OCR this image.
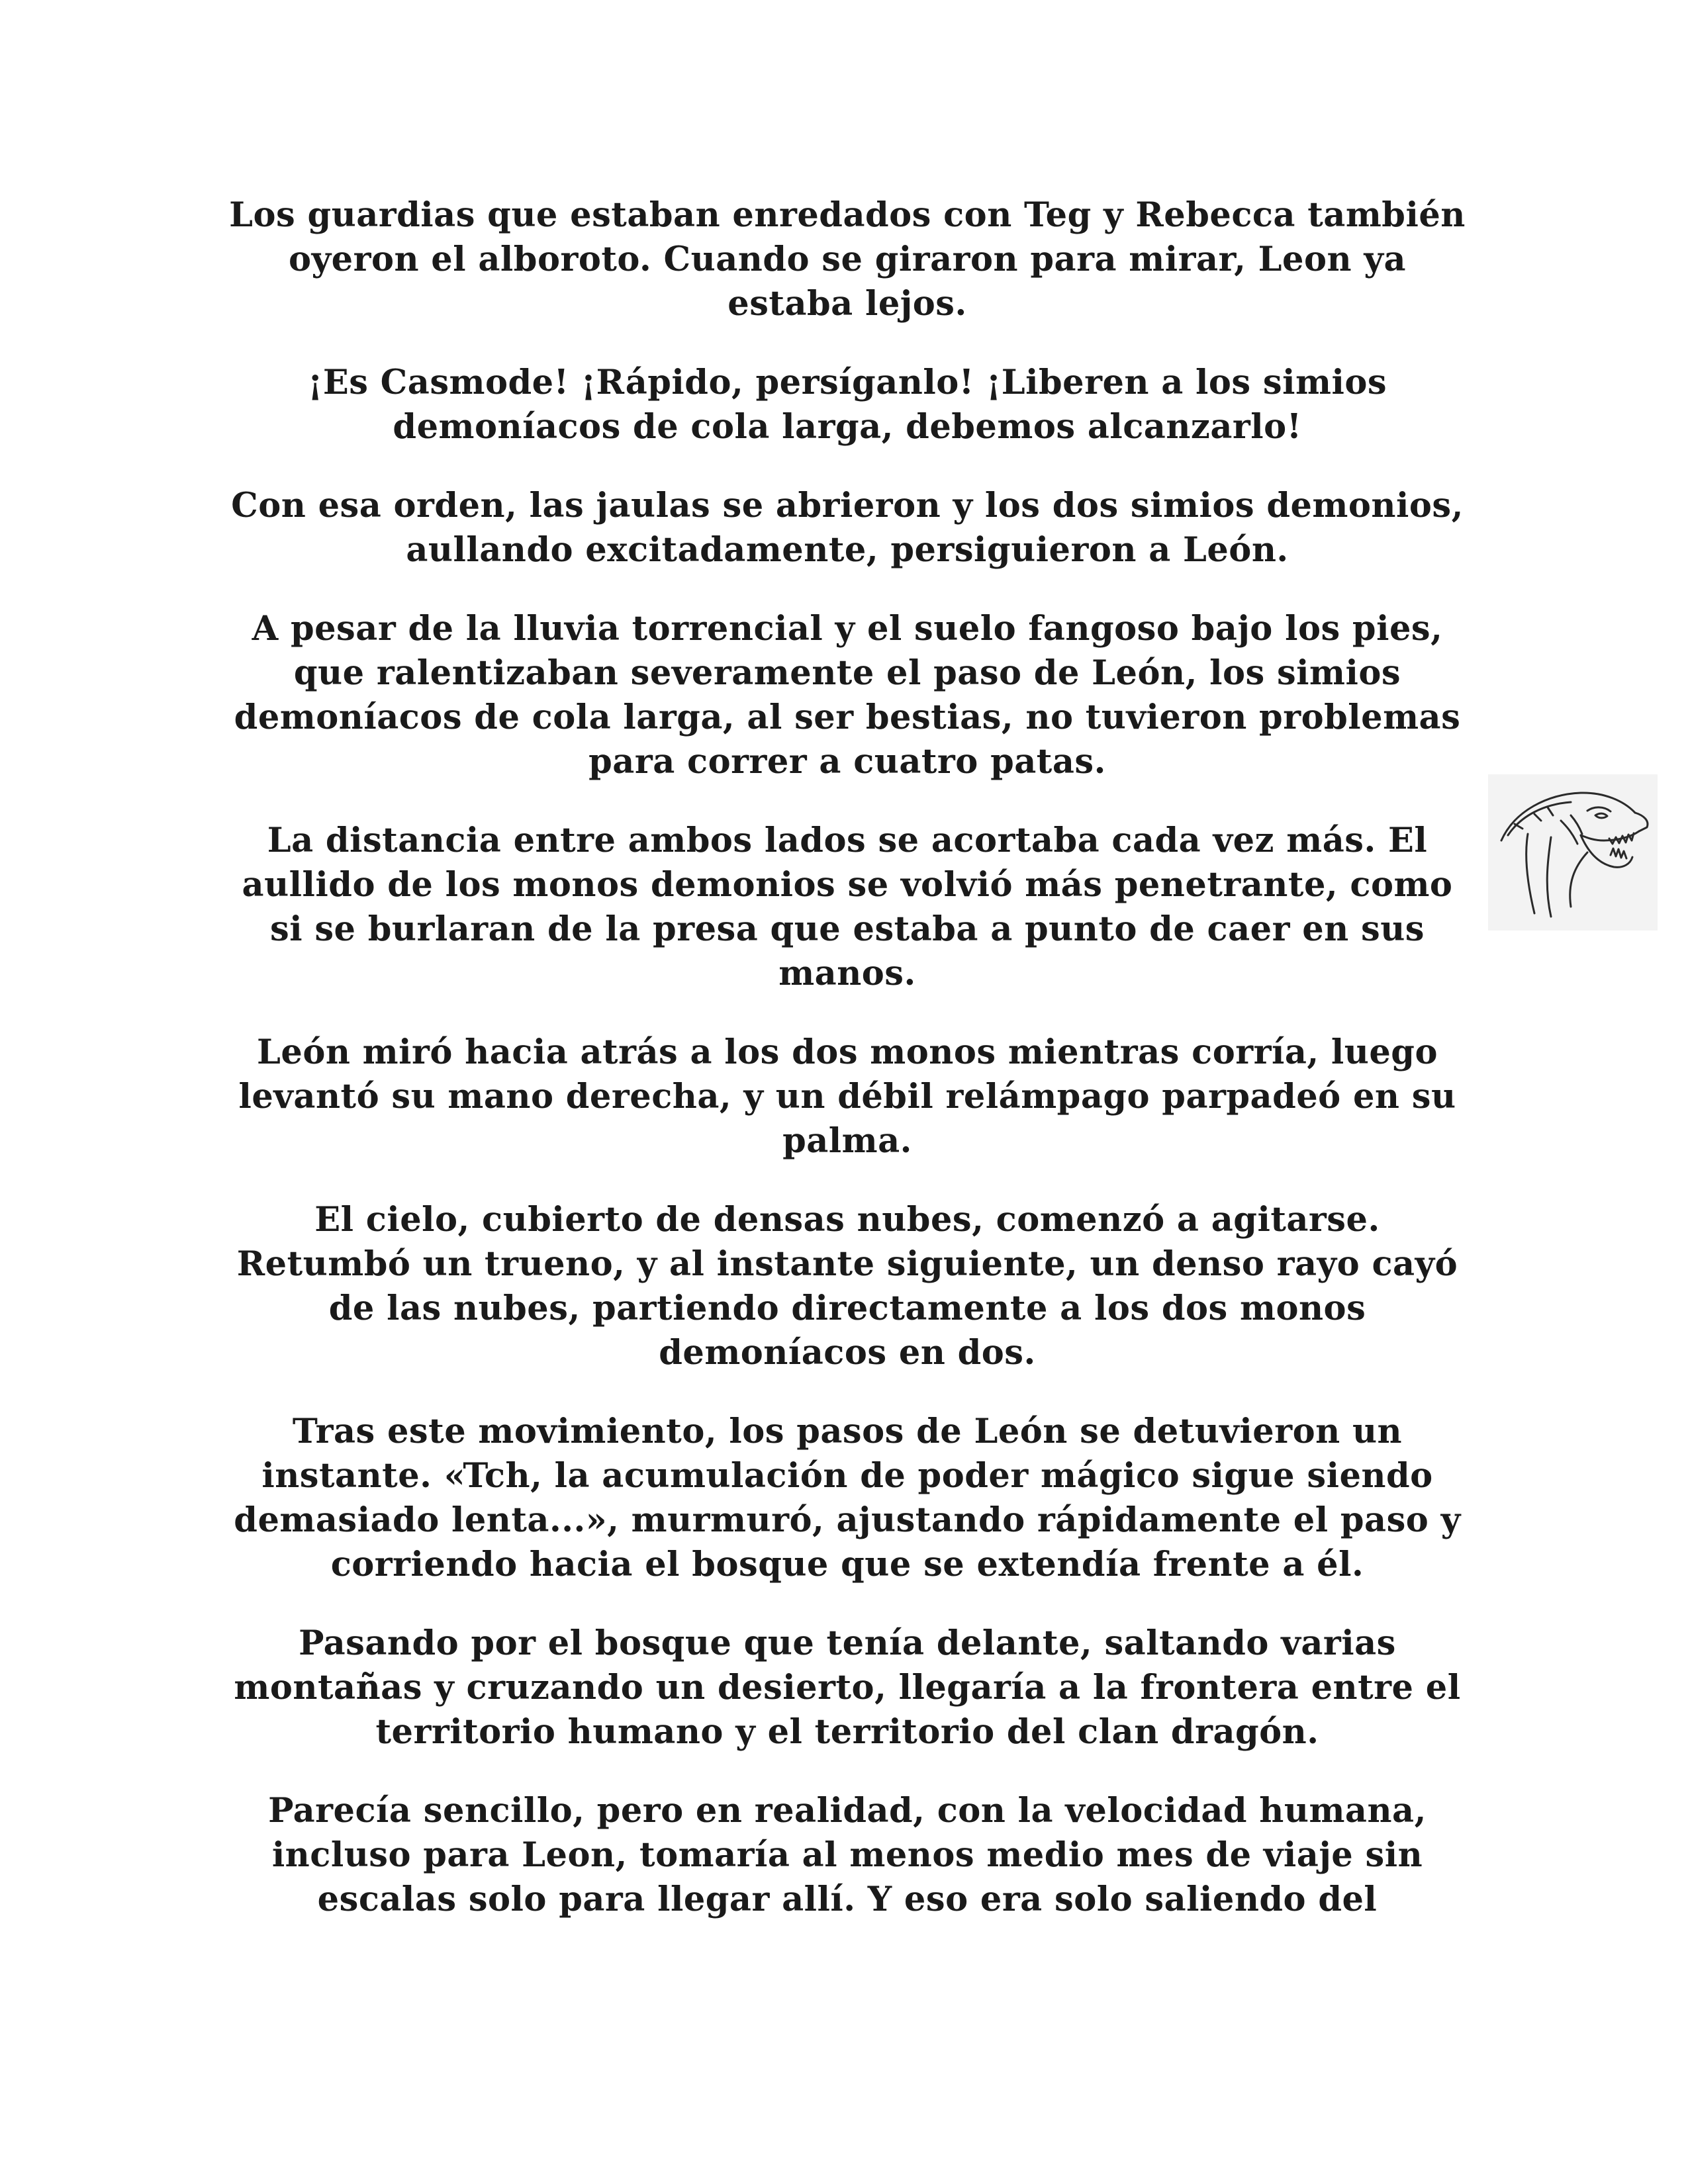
Los guardias que estaban enredados con Teg y Rebecca también oyeron el alboroto. Cuando se giraron para mirar, Leon ya estaba lejos.

¡Es Casmode! ¡Rápido, persíganlo! ¡Liberen a los simios demoníacos de cola larga, debemos alcanzarlo!

Con esa orden, las jaulas se abrieron y los dos simios demonios, aullando excitadamente, persiguieron a León.

A pesar de la lluvia torrencial y el suelo fangoso bajo los pies, que ralentizaban severamente el paso de León, los simios demoníacos de cola larga, al ser bestias, no tuvieron problemas para correr a cuatro patas.

La distancia entre ambos lados se acortaba cada vez más. El aullido de los monos demonios se volvió más penetrante, como si se burlaran de la presa que estaba a punto de caer en sus manos.

León miró hacia atrás a los dos monos mientras corría, luego levantó su mano derecha, y un débil relámpago parpadeó en su palma.

El cielo, cubierto de densas nubes, comenzó a agitarse. Retumbó un trueno, y al instante siguiente, un denso rayo cayó de las nubes, partiendo directamente a los dos monos demoníacos en dos.

Tras este movimiento, los pasos de León se detuvieron un instante. «Tch, la acumulación de poder mágico sigue siendo demasiado lenta...», murmuró, ajustando rápidamente el paso y corriendo hacia el bosque que se extendía frente a él.

Pasando por el bosque que tenía delante, saltando varias montañas y cruzando un desierto, llegaría a la frontera entre el territorio humano y el territorio del clan dragón.

Parecía sencillo, pero en realidad, con la velocidad humana, incluso para Leon, tomaría al menos medio mes de viaje sin escalas solo para llegar allí. Y eso era solo saliendo del
